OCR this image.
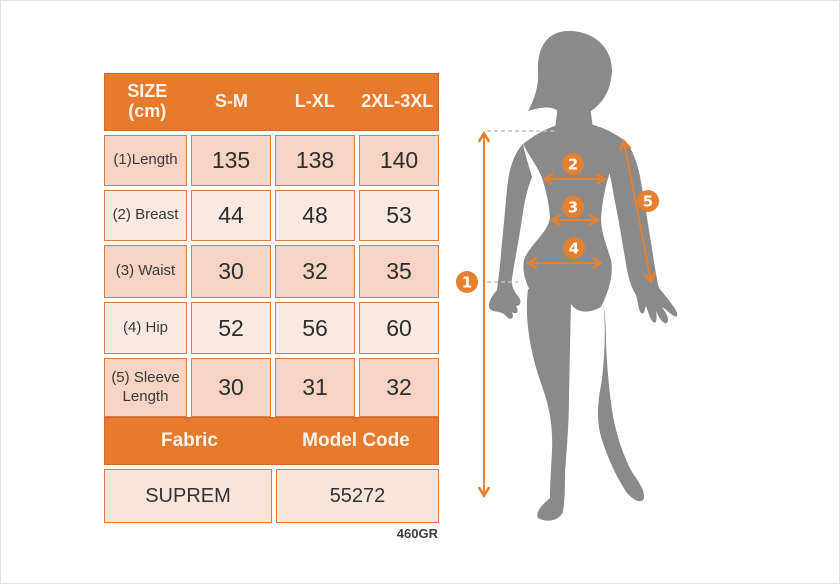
SIZE (cm)	S-M	L-XL	2XL-3XL
(1)Length	135	138	140
(2) Breast	44	48	53
(3) Waist	30	32	35
(4) Hip	52	56	60
(5) Sleeve Length	30	31	32
Fabric	Model Code
SUPREM	55272
460GR
1
2
3
4
5
